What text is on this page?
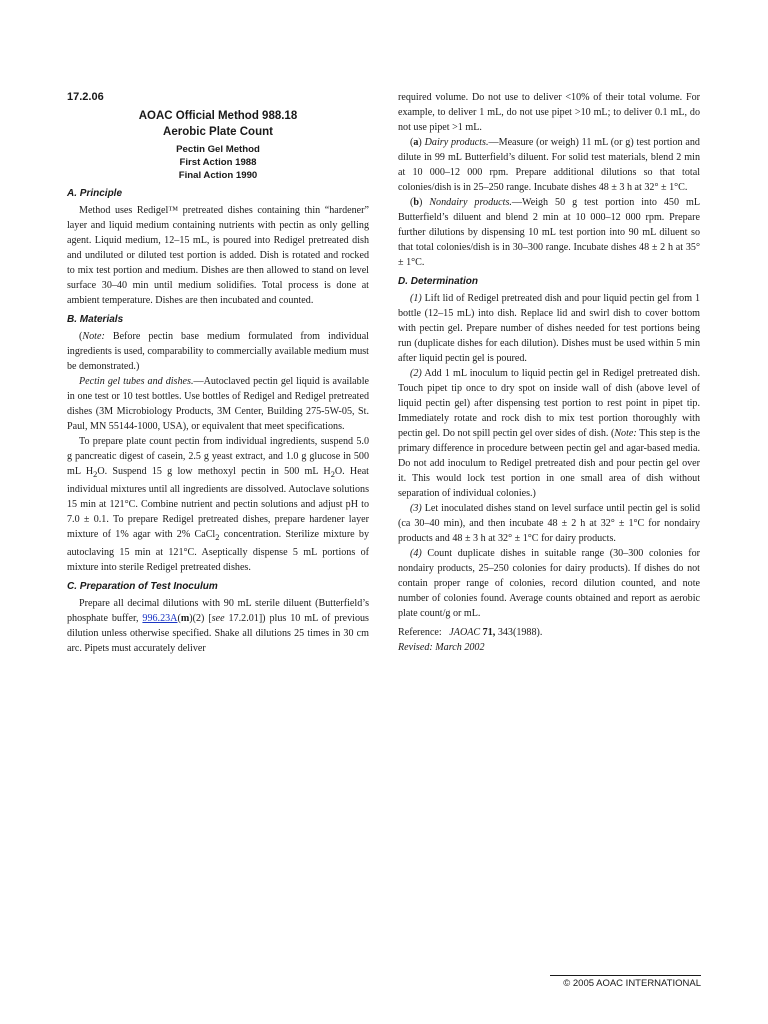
17.2.06
AOAC Official Method 988.18
Aerobic Plate Count
Pectin Gel Method
First Action 1988
Final Action 1990
A. Principle

Method uses Redigel™ pretreated dishes containing thin “hardener” layer and liquid medium containing nutrients with pectin as only gelling agent. Liquid medium, 12–15 mL, is poured into Redigel pretreated dish and undiluted or diluted test portion is added. Dish is rotated and rocked to mix test portion and medium. Dishes are then allowed to stand on level surface 30–40 min until medium solidifies. Total process is done at ambient temperature. Dishes are then incubated and counted.

B. Materials

(Note: Before pectin base medium formulated from individual ingredients is used, comparability to commercially available medium must be demonstrated.)

Pectin gel tubes and dishes.—Autoclaved pectin gel liquid is available in one test or 10 test bottles. Use bottles of Redigel and Redigel pretreated dishes (3M Microbiology Products, 3M Center, Building 275-5W-05, St. Paul, MN 55144-1000, USA), or equivalent that meet specifications.

To prepare plate count pectin from individual ingredients, suspend 5.0 g pancreatic digest of casein, 2.5 g yeast extract, and 1.0 g glucose in 500 mL $H_2O$. Suspend 15 g low methoxyl pectin in 500 mL $H_2O$. Heat individual mixtures until all ingredients are dissolved. Autoclave solutions 15 min at 121°C. Combine nutrient and pectin solutions and adjust pH to 7.0 ± 0.1. To prepare Redigel pretreated dishes, prepare hardener layer mixture of 1% agar with 2% CaCl$_2$ concentration. Sterilize mixture by autoclaving 15 min at 121°C. Aseptically dispense 5 mL portions of mixture into sterile Redigel pretreated dishes.

C. Preparation of Test Inoculum

Prepare all decimal dilutions with 90 mL sterile diluent (Butterfield’s phosphate buffer, 996.23A(m)(2) [see 17.2.01]) plus 10 mL of previous dilution unless otherwise specified. Shake all dilutions 25 times in 30 cm arc. Pipets must accurately deliver

required volume. Do not use to deliver <10% of their total volume. For example, to deliver 1 mL, do not use pipet >10 mL; to deliver 0.1 mL, do not use pipet >1 mL.

(a) Dairy products.—Measure (or weigh) 11 mL (or g) test portion and dilute in 99 mL Butterfield’s diluent. For solid test materials, blend 2 min at 10 000–12 000 rpm. Prepare additional dilutions so that total colonies/dish is in 25–250 range. Incubate dishes 48 ± 3 h at 32° ± 1°C.

(b) Nondairy products.—Weigh 50 g test portion into 450 mL Butterfield’s diluent and blend 2 min at 10 000–12 000 rpm. Prepare further dilutions by dispensing 10 mL test portion into 90 mL diluent so that total colonies/dish is in 30–300 range. Incubate dishes 48 ± 2 h at 35° ± 1°C.

D. Determination

(1) Lift lid of Redigel pretreated dish and pour liquid pectin gel from 1 bottle (12–15 mL) into dish. Replace lid and swirl dish to cover bottom with pectin gel. Prepare number of dishes needed for test portions being run (duplicate dishes for each dilution). Dishes must be used within 5 min after liquid pectin gel is poured.

(2) Add 1 mL inoculum to liquid pectin gel in Redigel pretreated dish. Touch pipet tip once to dry spot on inside wall of dish (above level of liquid pectin gel) after dispensing test portion to rest point in pipet tip. Immediately rotate and rock dish to mix test portion thoroughly with pectin gel. Do not spill pectin gel over sides of dish. (Note: This step is the primary difference in procedure between pectin gel and agar-based media. Do not add inoculum to Redigel pretreated dish and pour pectin gel over it. This would lock test portion in one small area of dish without separation of individual colonies.)

(3) Let inoculated dishes stand on level surface until pectin gel is solid (ca 30–40 min), and then incubate 48 ± 2 h at 32° ± 1°C for nondairy products and 48 ± 3 h at 32° ± 1°C for dairy products.

(4) Count duplicate dishes in suitable range (30–300 colonies for nondairy products, 25–250 colonies for dairy products). If dishes do not contain proper range of colonies, record dilution counted, and note number of colonies found. Average counts obtained and report as aerobic plate count/g or mL.

Reference: JAOAC 71, 343(1988).

Revised: March 2002

© 2005 AOAC INTERNATIONAL
